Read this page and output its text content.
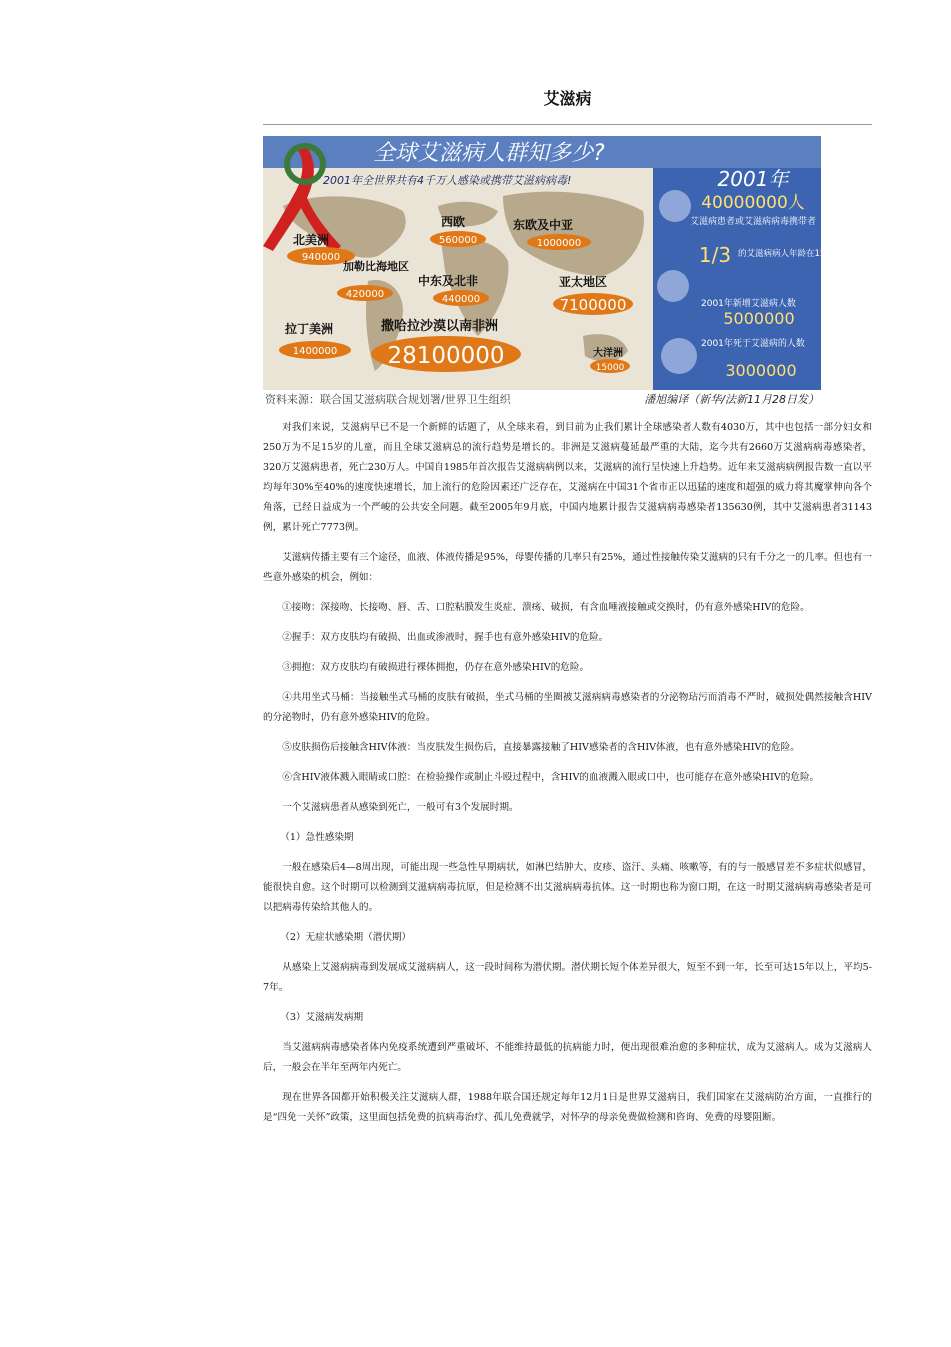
艾滋病
全球艾滋病人群知多少?
2001年全世界共有4千万人感染或携带艾滋病病毒!
北美洲
940000
加勒比海地区
420000
西欧
560000
东欧及中亚
1000000
中东及北非
440000
亚太地区
7100000
拉丁美洲
1400000
撒哈拉沙漠以南非洲
28100000	大洋洲
15000
2001年
40000000人
艾滋病患者或艾滋病病毒携带者
1/3 的艾滋病病人年龄在15至24岁之间
2001年新增艾滋病人数
5000000
2001年死于艾滋病的人数
3000000
资料来源：联合国艾滋病联合规划署/世界卫生组织	潘旭编译（新华/法新11月28日发）

对我们来说，艾滋病早已不是一个新鲜的话题了，从全球来看，到目前为止我们累计全球感染者人数有4030万，其中也包括一部分妇女和250万为不足15岁的儿童，而且全球艾滋病总的流行趋势是增长的。非洲是艾滋病蔓延最严重的大陆，迄今共有2660万艾滋病病毒感染者，320万艾滋病患者，死亡230万人。中国自1985年首次报告艾滋病病例以来，艾滋病的流行呈快速上升趋势。近年来艾滋病病例报告数一直以平均每年30%至40%的速度快速增长，加上流行的危险因素还广泛存在，艾滋病在中国31个省市正以迅猛的速度和超强的威力将其魔掌伸向各个角落，已经日益成为一个严峻的公共安全问题。截至2005年9月底，中国内地累计报告艾滋病病毒感染者135630例，其中艾滋病患者31143例，累计死亡7773例。

艾滋病传播主要有三个途径，血液、体液传播是95%，母婴传播的几率只有25%，通过性接触传染艾滋病的只有千分之一的几率。但也有一些意外感染的机会，例如：

①接吻：深接吻、长接吻、唇、舌、口腔粘膜发生炎症、溃疡、破损，有含血唾液接触或交换时，仍有意外感染HIV的危险。

②握手：双方皮肤均有破损、出血或渗液时，握手也有意外感染HIV的危险。

③拥抱：双方皮肤均有破损进行裸体拥抱，仍存在意外感染HIV的危险。

④共用坐式马桶：当接触坐式马桶的皮肤有破损，坐式马桶的坐圈被艾滋病病毒感染者的分泌物玷污而消毒不严时，破损处偶然接触含HIV的分泌物时，仍有意外感染HIV的危险。

⑤皮肤损伤后接触含HIV体液：当皮肤发生损伤后，直接暴露接触了HIV感染者的含HIV体液，也有意外感染HIV的危险。

⑥含HIV液体溅入眼睛或口腔：在检验操作或制止斗殴过程中，含HIV的血液溅入眼或口中，也可能存在意外感染HIV的危险。

一个艾滋病患者从感染到死亡，一般可有3个发展时期。

（1）急性感染期

一般在感染后4—8周出现，可能出现一些急性早期病状，如淋巴结肿大、皮疹、盗汗、头痛、咳嗽等，有的与一般感冒差不多症状似感冒，能很快自愈。这个时期可以检测到艾滋病病毒抗原，但是检测不出艾滋病病毒抗体。这一时期也称为窗口期，在这一时期艾滋病病毒感染者是可以把病毒传染给其他人的。

（2）无症状感染期（潜伏期）

从感染上艾滋病病毒到发展成艾滋病病人，这一段时间称为潜伏期。潜伏期长短个体差异很大，短至不到一年，长至可达15年以上，平均5-7年。

（3）艾滋病发病期

当艾滋病病毒感染者体内免疫系统遭到严重破坏、不能维持最低的抗病能力时，便出现很难治愈的多种症状，成为艾滋病人。成为艾滋病人后，一般会在半年至两年内死亡。

现在世界各国都开始积极关注艾滋病人群，1988年联合国还规定每年12月1日是世界艾滋病日，我们国家在艾滋病防治方面，一直推行的是“四免一关怀”政策，这里面包括免费的抗病毒治疗、孤儿免费就学，对怀孕的母亲免费做检测和咨询、免费的母婴阻断。
